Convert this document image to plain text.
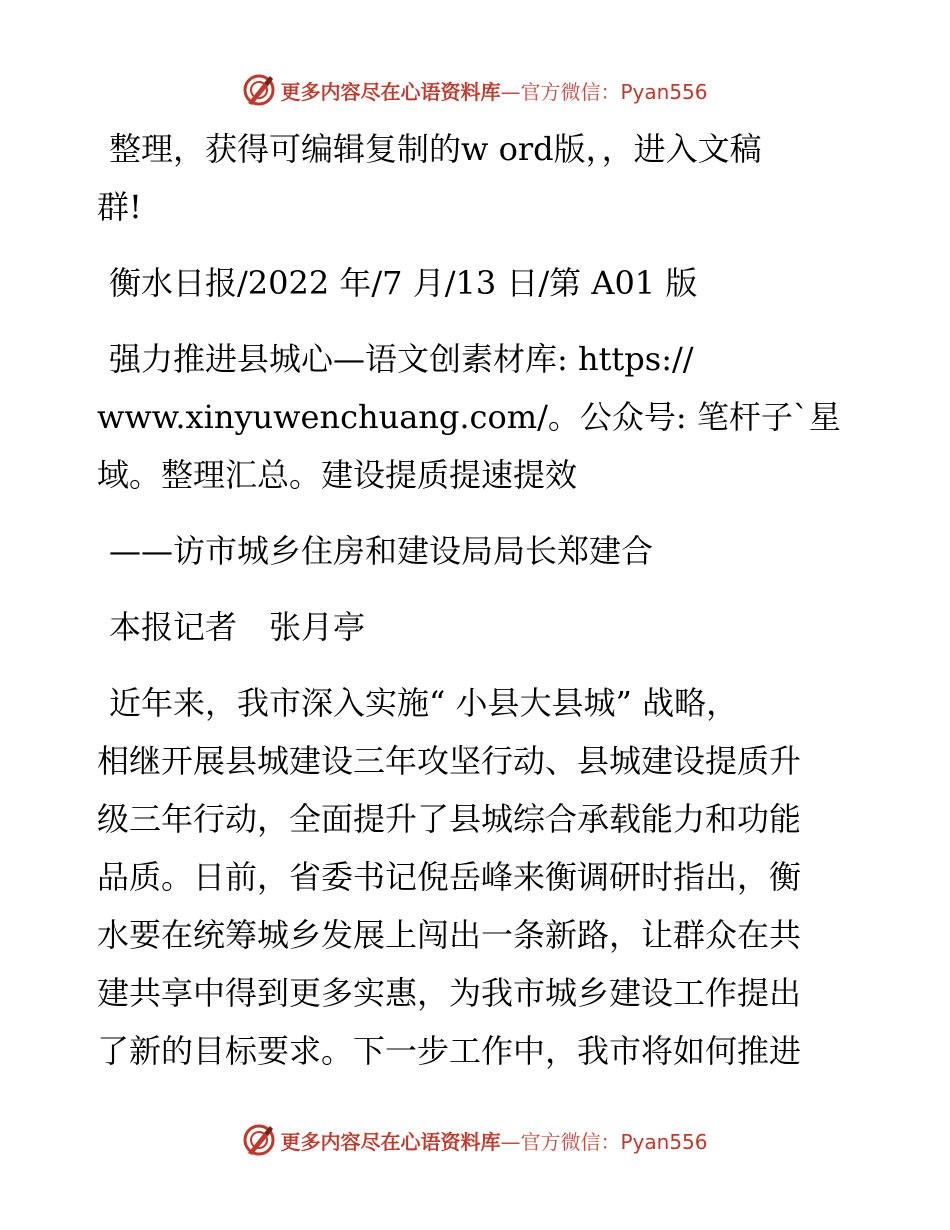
更多内容尽在心语资料库—官方微信：Pyan556
整理，获得可编辑复制的w ord版，，进入文稿
群!
衡水日报/2022 年/7 月/13 日/第 A01 版
强力推进县城心—语文创素材库: https://
www.xinyuwenchuang.com/。公众号: 笔杆子`星
域。整理汇总。建设提质提速提效
——访市城乡住房和建设局局长郑建合
本报记者　张月亭
近年来，我市深入实施“ 小县大县城” 战略，
相继开展县城建设三年攻坚行动、县城建设提质升
级三年行动，全面提升了县城综合承载能力和功能
品质。日前，省委书记倪岳峰来衡调研时指出，衡
水要在统筹城乡发展上闯出一条新路，让群众在共
建共享中得到更多实惠，为我市城乡建设工作提出
了新的目标要求。下一步工作中，我市将如何推进
更多内容尽在心语资料库—官方微信：Pyan556
